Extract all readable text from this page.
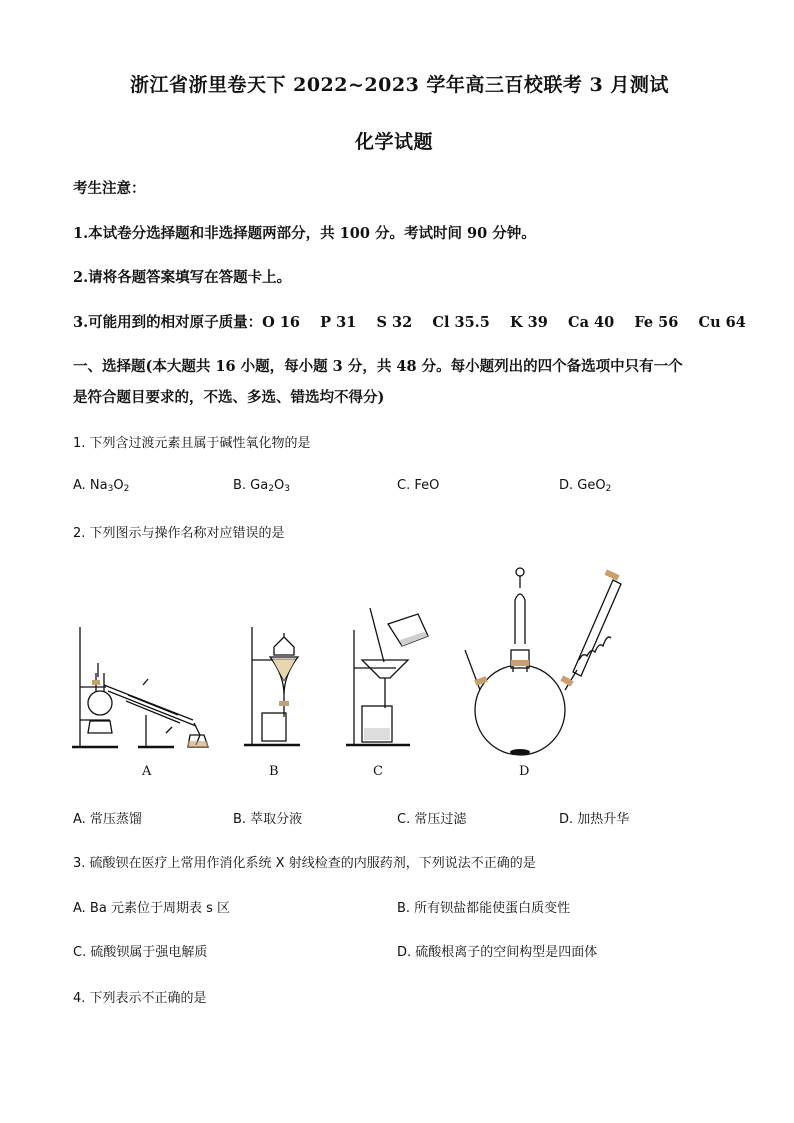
浙江省浙里卷天下 2022~2023 学年高三百校联考 3 月测试
化学试题
考生注意：
1.本试卷分选择题和非选择题两部分，共 100 分。考试时间 90 分钟。
2.请将各题答案填写在答题卡上。
3.可能用到的相对原子质量：O 16    P 31    S 32    Cl 35.5    K 39    Ca 40    Fe 56    Cu 64
一、选择题(本大题共 16 小题，每小题 3 分，共 48 分。每小题列出的四个备选项中只有一个
是符合题目要求的，不选、多选、错选均不得分)
1. 下列含过渡元素且属于碱性氧化物的是
A. $Na_3O_2$	B. $Ga_2O_3$	C. FeO	D. GeO$_2$
2. 下列图示与操作名称对应错误的是
A	B	C	D
A. 常压蒸馏	B. 萃取分液	C. 常压过滤	D. 加热升华
3. 硫酸钡在医疗上常用作消化系统 X 射线检查的内服药剂，下列说法不正确的是
A. Ba 元素位于周期表 s 区	B. 所有钡盐都能使蛋白质变性
C. 硫酸钡属于强电解质	D. 硫酸根离子的空间构型是四面体
4. 下列表示不正确的是
